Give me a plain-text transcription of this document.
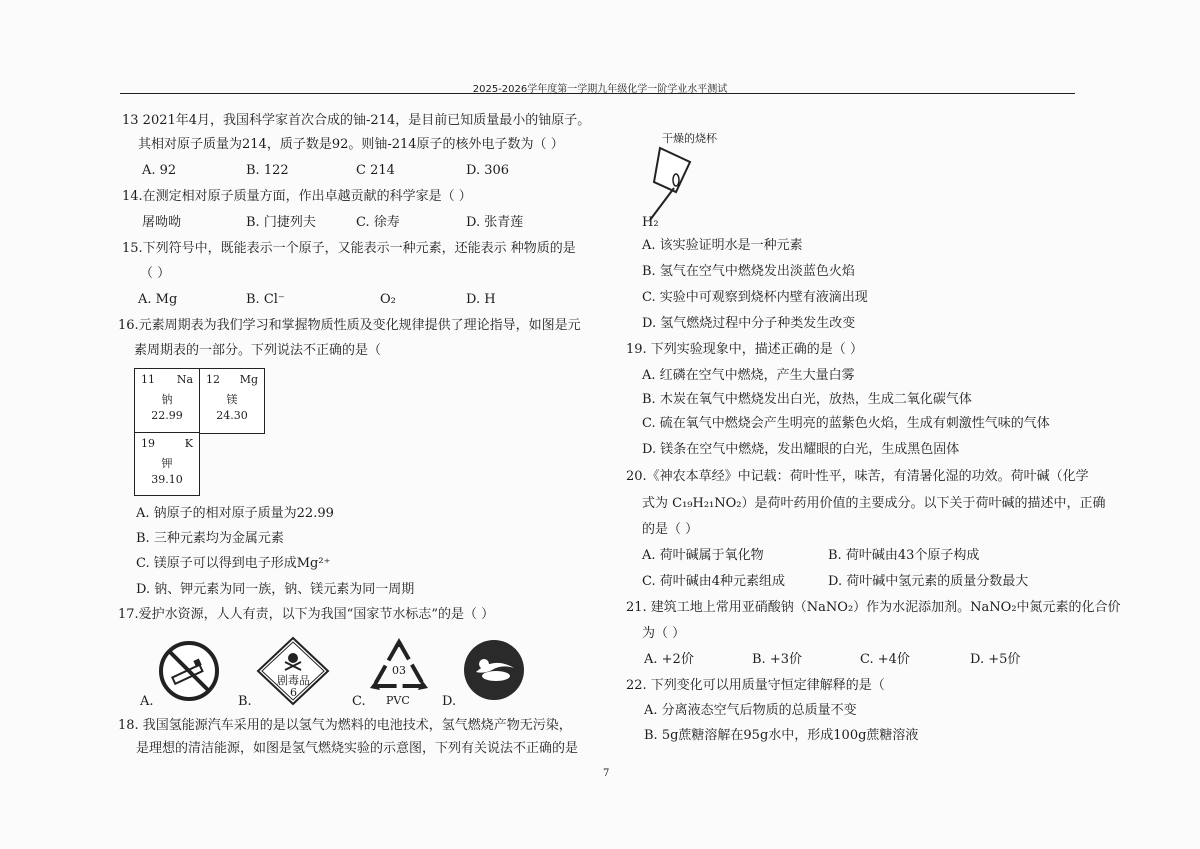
2025-2026学年度第一学期九年级化学一阶学业水平测试
13 2021年4月，我国科学家首次合成的铀-214，是目前已知质量最小的铀原子。
其相对原子质量为214，质子数是92。则铀-214原子的核外电子数为（ ）
A. 92	B. 122	C 214	D. 306
14.在测定相对原子质量方面，作出卓越贡献的科学家是（ ）
屠呦呦	B. 门捷列夫	C. 徐寿	D. 张青莲
15.下列符号中，既能表示一个原子，又能表示一种元素，还能表示 种物质的是
（ ）
A. Mg	B. Cl⁻	O₂	D. H
16.元素周期表为我们学习和掌握物质性质及变化规律提供了理论指导，如图是元
素周期表的一部分。下列说法不正确的是（
11 Na
钠
22.99
12 Mg
镁
24.30
19	K
钾
39.10
A. 钠原子的相对原子质量为22.99
B. 三种元素均为金属元素
C. 镁原子可以得到电子形成Mg²⁺
D. 钠、钾元素为同一族，钠、镁元素为同一周期
17.爱护水资源，人人有责，以下为我国“国家节水标志”的是（ ）
A.
剧毒品
6
B.
03
PVC
C.	D.
18. 我国氢能源汽车采用的是以氢气为燃料的电池技术，氢气燃烧产物无污染，
是理想的清洁能源，如图是氢气燃烧实验的示意图，下列有关说法不正确的是
7
干燥的烧杯
H₂
A. 该实验证明水是一种元素
B. 氢气在空气中燃烧发出淡蓝色火焰
C. 实验中可观察到烧杯内壁有液滴出现
D. 氢气燃烧过程中分子种类发生改变
19. 下列实验现象中，描述正确的是（ ）
A. 红磷在空气中燃烧，产生大量白雾
B. 木炭在氧气中燃烧发出白光，放热，生成二氧化碳气体
C. 硫在氧气中燃烧会产生明亮的蓝紫色火焰，生成有刺激性气味的气体
D. 镁条在空气中燃烧，发出耀眼的白光，生成黑色固体
20.《神农本草经》中记载：荷叶性平，味苦，有清暑化湿的功效。荷叶碱（化学
式为 C₁₉H₂₁NO₂）是荷叶药用价值的主要成分。以下关于荷叶碱的描述中，正确
的是（ ）
A. 荷叶碱属于氧化物	B. 荷叶碱由43个原子构成
C. 荷叶碱由4种元素组成	D. 荷叶碱中氢元素的质量分数最大
21. 建筑工地上常用亚硝酸钠（NaNO₂）作为水泥添加剂。NaNO₂中氮元素的化合价
为（ ）
A. +2价	B. +3价	C. +4价	D. +5价
22. 下列变化可以用质量守恒定律解释的是（
A. 分离液态空气后物质的总质量不变
B. 5g蔗糖溶解在95g水中，形成100g蔗糖溶液
